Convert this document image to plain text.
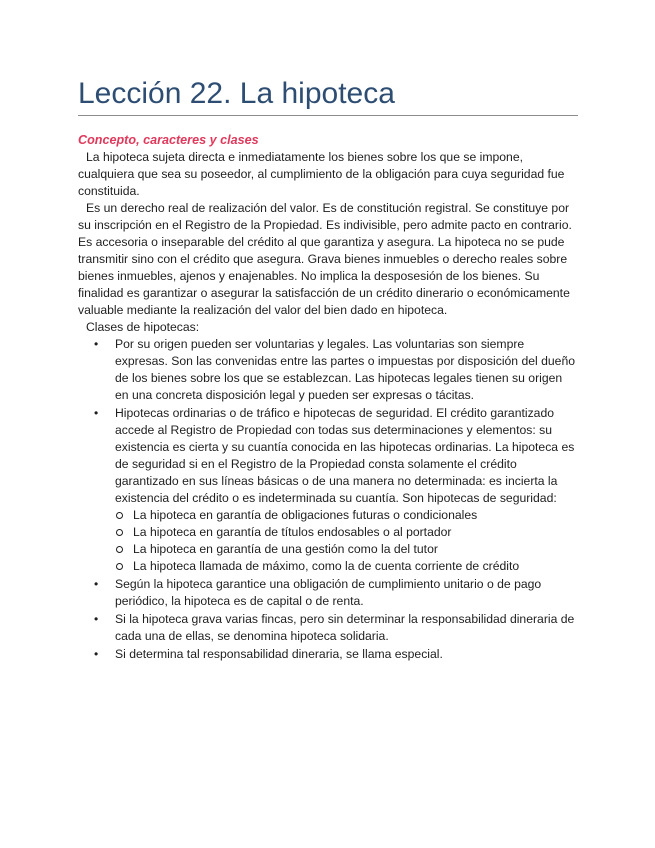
Lección 22. La hipoteca
Concepto, caracteres y clases

La hipoteca sujeta directa e inmediatamente los bienes sobre los que se impone, cualquiera que sea su poseedor, al cumplimiento de la obligación para cuya seguridad fue constituida.

Es un derecho real de realización del valor. Es de constitución registral. Se constituye por su inscripción en el Registro de la Propiedad. Es indivisible, pero admite pacto en contrario. Es accesoria o inseparable del crédito al que garantiza y asegura. La hipoteca no se pude transmitir sino con el crédito que asegura. Grava bienes inmuebles o derecho reales sobre bienes inmuebles, ajenos y enajenables. No implica la desposesión de los bienes. Su finalidad es garantizar o asegurar la satisfacción de un crédito dinerario o económicamente valuable mediante la realización del valor del bien dado en hipoteca.

Clases de hipotecas:

• Por su origen pueden ser voluntarias y legales. Las voluntarias son siempre expresas. Son las convenidas entre las partes o impuestas por disposición del dueño de los bienes sobre los que se establezcan. Las hipotecas legales tienen su origen en una concreta disposición legal y pueden ser expresas o tácitas.
• Hipotecas ordinarias o de tráfico e hipotecas de seguridad. El crédito garantizado accede al Registro de Propiedad con todas sus determinaciones y elementos: su existencia es cierta y su cuantía conocida en las hipotecas ordinarias. La hipoteca es de seguridad si en el Registro de la Propiedad consta solamente el crédito garantizado en sus líneas básicas o de una manera no determinada: es incierta la existencia del crédito o es indeterminada su cuantía. Son hipotecas de seguridad:
La hipoteca en garantía de obligaciones futuras o condicionales
La hipoteca en garantía de títulos endosables o al portador
La hipoteca en garantía de una gestión como la del tutor
La hipoteca llamada de máximo, como la de cuenta corriente de crédito
• Según la hipoteca garantice una obligación de cumplimiento unitario o de pago periódico, la hipoteca es de capital o de renta.
• Si la hipoteca grava varias fincas, pero sin determinar la responsabilidad dineraria de cada una de ellas, se denomina hipoteca solidaria.
• Si determina tal responsabilidad dineraria, se llama especial.
